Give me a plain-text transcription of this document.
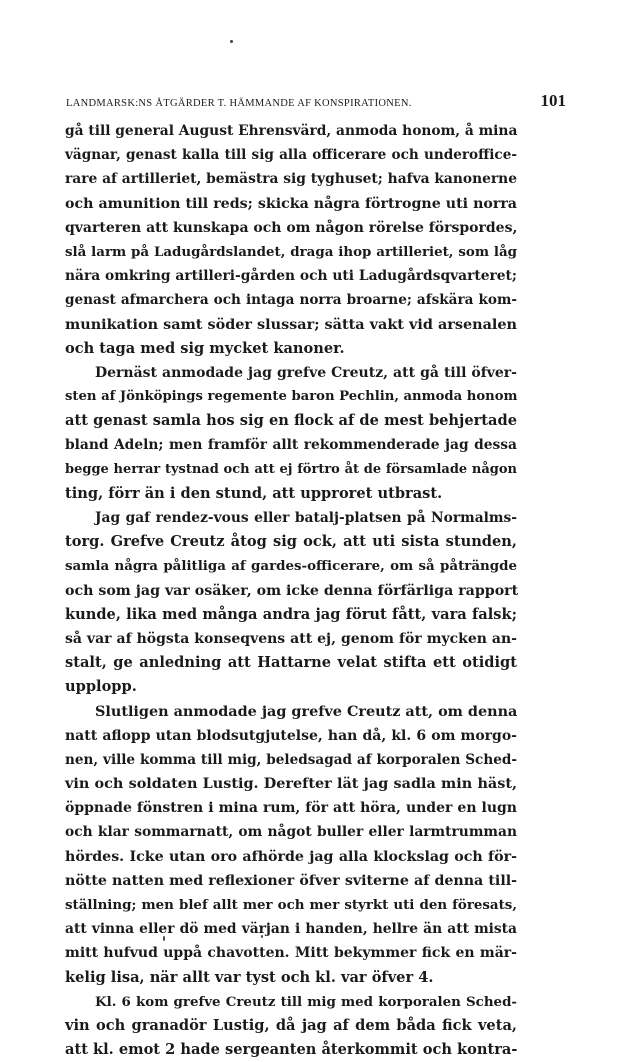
LANDMARSK:NS ÅTGÄRDER T. HÄMMANDE AF KONSPIRATIONEN.	101
gå till general August Ehrensvärd, anmoda honom, å mina
vägnar, genast kalla till sig alla officerare och underoffice-
rare af artilleriet, bemästra sig tyghuset; hafva kanonerne
och amunition till reds; skicka några förtrogne uti norra
qvarteren att kunskapa och om någon rörelse förspordes,
slå larm på Ladugårdslandet, draga ihop artilleriet, som låg
nära omkring artilleri-gården och uti Ladugårdsqvarteret;
genast afmarchera och intaga norra broarne; afskära kom-
munikation samt söder slussar; sätta vakt vid arsenalen
och taga med sig mycket kanoner.
Dernäst anmodade jag grefve Creutz, att gå till öfver-
sten af Jönköpings regemente baron Pechlin, anmoda honom
att genast samla hos sig en flock af de mest behjertade
bland Adeln; men framför allt rekommenderade jag dessa
begge herrar tystnad och att ej förtro åt de församlade någon
ting, förr än i den stund, att upproret utbrast.
Jag gaf rendez-vous eller batalj-platsen på Normalms-
torg. Grefve Creutz åtog sig ock, att uti sista stunden,
samla några pålitliga af gardes-officerare, om så påträngde
och som jag var osäker, om icke denna förfärliga rapport
kunde, lika med många andra jag förut fått, vara falsk;
så var af högsta konseqvens att ej, genom för mycken an-
stalt, ge anledning att Hattarne velat stifta ett otidigt
upplopp.
Slutligen anmodade jag grefve Creutz att, om denna
natt aflopp utan blodsutgjutelse, han då, kl. 6 om morgo-
nen, ville komma till mig, beledsagad af korporalen Sched-
vin och soldaten Lustig. Derefter lät jag sadla min häst,
öppnade fönstren i mina rum, för att höra, under en lugn
och klar sommarnatt, om något buller eller larmtrumman
hördes. Icke utan oro afhörde jag alla klockslag och för-
nötte natten med reflexioner öfver sviterne af denna till-
ställning; men blef allt mer och mer styrkt uti den föresats,
att vinna eller dö med värjan i handen, hellre än att mista
mitt hufvud uppå chavotten. Mitt bekymmer fick en mär-
kelig lisa, när allt var tyst och kl. var öfver 4.
Kl. 6 kom grefve Creutz till mig med korporalen Sched-
vin och granadör Lustig, då jag af dem båda fick veta,
att kl. emot 2 hade sergeanten återkommit och kontra-
